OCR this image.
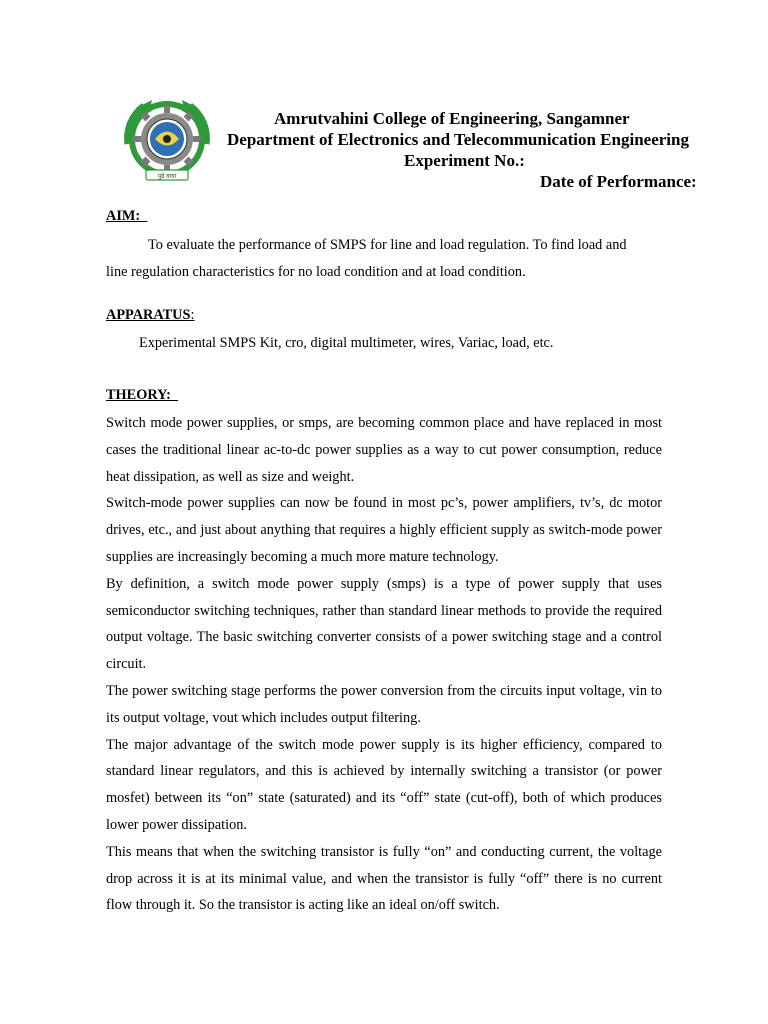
पुढे वाचा
Amrutvahini College of Engineering, Sangamner
Department of Electronics and Telecommunication Engineering
Experiment No.:
Date of Performance:
AIM:
To evaluate the performance of SMPS for line and load regulation. To find load and
line regulation characteristics for no load condition and at load condition.
APPARATUS:
Experimental SMPS Kit, cro, digital multimeter, wires, Variac, load, etc.
THEORY:

Switch mode power supplies, or smps, are becoming common place and have replaced in most cases the traditional linear ac-to-dc power supplies as a way to cut power consumption, reduce heat dissipation, as well as size and weight.

Switch-mode power supplies can now be found in most pc’s, power amplifiers, tv’s, dc motor drives, etc., and just about anything that requires a highly efficient supply as switch-mode power supplies are increasingly becoming a much more mature technology.

By definition, a switch mode power supply (smps) is a type of power supply that uses semiconductor switching techniques, rather than standard linear methods to provide the required output voltage. The basic switching converter consists of a power switching stage and a control circuit.

The power switching stage performs the power conversion from the circuits input voltage, vin to its output voltage, vout which includes output filtering.

The major advantage of the switch mode power supply is its higher efficiency, compared to standard linear regulators, and this is achieved by internally switching a transistor (or power mosfet) between its “on” state (saturated) and its “off” state (cut-off), both of which produces lower power dissipation.

This means that when the switching transistor is fully “on” and conducting current, the voltage drop across it is at its minimal value, and when the transistor is fully “off” there is no current flow through it. So the transistor is acting like an ideal on/off switch.
